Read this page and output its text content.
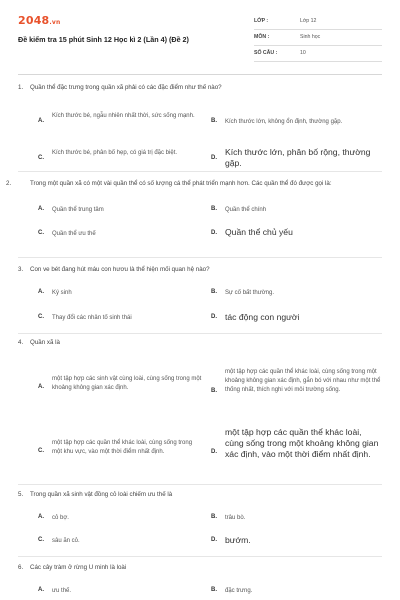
2048.vn
Đề kiểm tra 15 phút Sinh 12 Học kì 2 (Lần 4) (Đề 2)
LỚP :	Lớp 12
MÔN :	Sinh học
SỐ CÂU :	10
1. Quần thể đặc trưng trong quần xã phải có các đặc điểm như thế nào?
A.
Kích thước bé, ngẫu nhiên nhất thời, sức sống mạnh.
B. Kích thước lớn, không ổn định, thường gặp.
C.
Kích thước bé, phân bố hẹp, có giá trị đặc biệt.
D.
Kích thước lớn, phân bố rộng, thường gặp.
2.	Trong một quần xã có một vài quần thể có số lượng cá thể phát triển mạnh hơn. Các quần thể đó được gọi là:
A. Quần thể trung tâm	B. Quần thể chính
C. Quần thể ưu thế	D. Quần thể chủ yếu
3. Con ve bét đang hút máu con hươu là thể hiện mối quan hệ nào?
A. Ký sinh	B. Sự cố bất thường.
C. Thay đổi các nhân tố sinh thái	D. tác động con người
4. Quần xã là
A.
một tập hợp các sinh vật cùng loài, cùng sống trong một khoảng không gian xác định.	B.
một tập hợp các quần thể khác loài, cùng sống trong một khoảng không gian xác định, gắn bó với nhau như một thể thống nhất, thích nghi với môi trường sống.
C.
một tập hợp các quần thể khác loài, cùng sống trong một khu vực, vào một thời điểm nhất định.	D.
một tập hợp các quần thể khác loài, cùng sống trong một khoảng không gian xác định, vào một thời điểm nhất định.
5. Trong quần xã sinh vật đồng cỏ loài chiếm ưu thế là
A. cỏ bợ.	B. trâu bò.
C. sâu ăn cỏ.	D. bướm.
6. Các cây tràm ở rừng U minh là loài
A. ưu thế.	B. đặc trưng.
